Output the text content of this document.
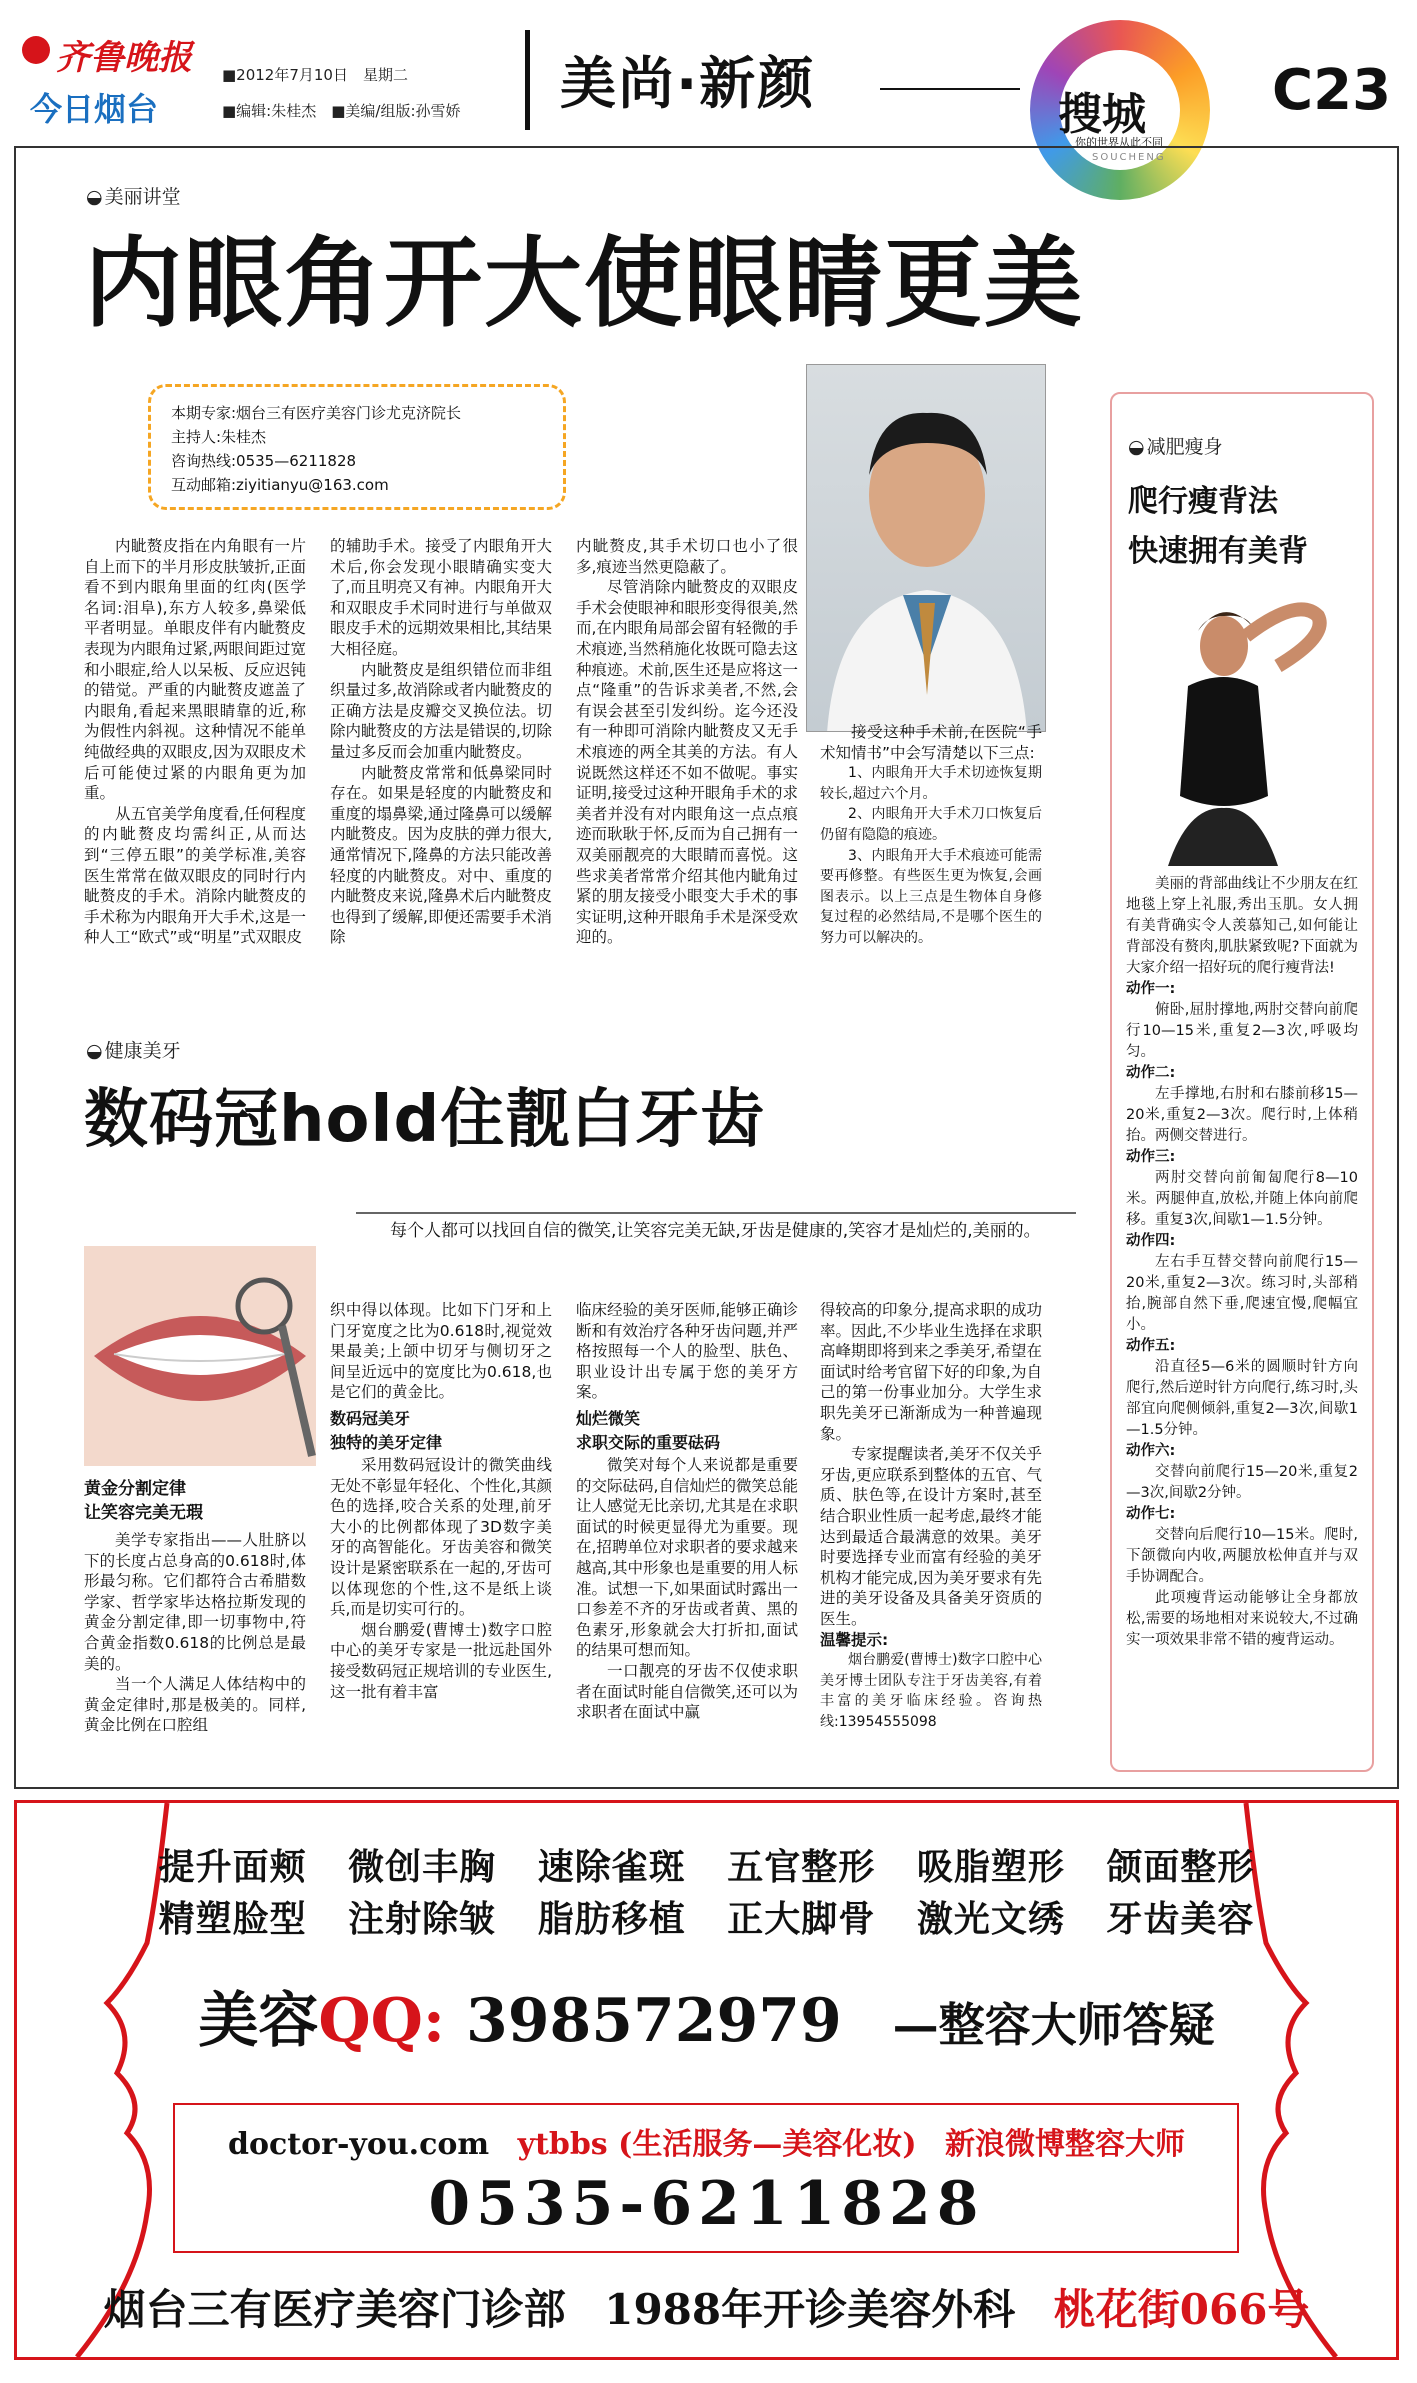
齐鲁晚报
今日烟台
■2012年7月10日　星期二
■编辑:朱桂杰　■美编/组版:孙雪娇 美尚·新颜	搜城
你的世界从此不同
SOUCHENG
C23
◒ 美丽讲堂
内眼角开大使眼睛更美
本期专家:烟台三有医疗美容门诊尤克济院长
主持人:朱桂杰
咨询热线:0535—6211828
互动邮箱:ziyitianyu@163.com

内眦赘皮指在内角眼有一片自上而下的半月形皮肤皱折,正面看不到内眼角里面的红肉(医学名词:泪阜),东方人较多,鼻梁低平者明显。单眼皮伴有内眦赘皮表现为内眼角过紧,两眼间距过宽和小眼症,给人以呆板、反应迟钝的错觉。严重的内眦赘皮遮盖了内眼角,看起来黑眼睛靠的近,称为假性内斜视。这种情况不能单纯做经典的双眼皮,因为双眼皮术后可能使过紧的内眼角更为加重。

从五官美学角度看,任何程度的内眦赘皮均需纠正,从而达到“三停五眼”的美学标准,美容医生常常在做双眼皮的同时行内眦赘皮的手术。消除内眦赘皮的手术称为内眼角开大手术,这是一种人工“欧式”或“明星”式双眼皮

的辅助手术。接受了内眼角开大术后,你会发现小眼睛确实变大了,而且明亮又有神。内眼角开大和双眼皮手术同时进行与单做双眼皮手术的远期效果相比,其结果大相径庭。

内眦赘皮是组织错位而非组织量过多,故消除或者内眦赘皮的正确方法是皮瓣交叉换位法。切除内眦赘皮的方法是错误的,切除量过多反而会加重内眦赘皮。

内眦赘皮常常和低鼻梁同时存在。如果是轻度的内眦赘皮和重度的塌鼻梁,通过隆鼻可以缓解内眦赘皮。因为皮肤的弹力很大,通常情况下,隆鼻的方法只能改善轻度的内眦赘皮。对中、重度的内眦赘皮来说,隆鼻术后内眦赘皮也得到了缓解,即便还需要手术消除

内眦赘皮,其手术切口也小了很多,痕迹当然更隐蔽了。

尽管消除内眦赘皮的双眼皮手术会使眼神和眼形变得很美,然而,在内眼角局部会留有轻微的手术痕迹,当然稍施化妆既可隐去这种痕迹。术前,医生还是应将这一点“隆重”的告诉求美者,不然,会有误会甚至引发纠纷。迄今还没有一种即可消除内眦赘皮又无手术痕迹的两全其美的方法。有人说既然这样还不如不做呢。事实证明,接受过这种开眼角手术的求美者并没有对内眼角这一点点痕迹而耿耿于怀,反而为自己拥有一双美丽靓亮的大眼睛而喜悦。这些求美者常常介绍其他内眦角过紧的朋友接受小眼变大手术的事实证明,这种开眼角手术是深受欢迎的。

接受这种手术前,在医院“手术知情书”中会写清楚以下三点:

1、内眼角开大手术切迹恢复期较长,超过六个月。

2、内眼角开大手术刀口恢复后仍留有隐隐的痕迹。

3、内眼角开大手术痕迹可能需要再修整。有些医生更为恢复,会画图表示。以上三点是生物体自身修复过程的必然结局,不是哪个医生的努力可以解决的。

◒ 减肥瘦身
爬行瘦背法
快速拥有美背

美丽的背部曲线让不少朋友在红地毯上穿上礼服,秀出玉肌。女人拥有美背确实令人羡慕知己,如何能让背部没有赘肉,肌肤紧致呢?下面就为大家介绍一招好玩的爬行瘦背法!

动作一:

俯卧,屈肘撑地,两肘交替向前爬行10—15米,重复2—3次,呼吸均匀。

动作二:

左手撑地,右肘和右膝前移15—20米,重复2—3次。爬行时,上体稍抬。两侧交替进行。

动作三:

两肘交替向前匍匐爬行8—10米。两腿伸直,放松,并随上体向前爬移。重复3次,间歇1—1.5分钟。

动作四:

左右手互替交替向前爬行15—20米,重复2—3次。练习时,头部稍抬,腕部自然下垂,爬速宜慢,爬幅宜小。

动作五:

沿直径5—6米的圆顺时针方向爬行,然后逆时针方向爬行,练习时,头部宜向爬侧倾斜,重复2—3次,间歇1—1.5分钟。

动作六:

交替向前爬行15—20米,重复2—3次,间歇2分钟。

动作七:

交替向后爬行10—15米。爬时,下颌微向内收,两腿放松伸直并与双手协调配合。

此项瘦背运动能够让全身都放松,需要的场地相对来说较大,不过确实一项效果非常不错的瘦背运动。

◒ 健康美牙
数码冠hold住靓白牙齿
每个人都可以找回自信的微笑,让笑容完美无缺,牙齿是健康的,笑容才是灿烂的,美丽的。
黄金分割定律
让笑容完美无瑕

美学专家指出——人肚脐以下的长度占总身高的0.618时,体形最匀称。它们都符合古希腊数学家、哲学家毕达格拉斯发现的黄金分割定律,即一切事物中,符合黄金指数0.618的比例总是最美的。

当一个人满足人体结构中的黄金定律时,那是极美的。同样,黄金比例在口腔组

织中得以体现。比如下门牙和上门牙宽度之比为0.618时,视觉效果最美;上颌中切牙与侧切牙之间呈近远中的宽度比为0.618,也是它们的黄金比。

数码冠美牙
独特的美牙定律

采用数码冠设计的微笑曲线无处不彰显年轻化、个性化,其颜色的选择,咬合关系的处理,前牙大小的比例都体现了3D数字美牙的高智能化。牙齿美容和微笑设计是紧密联系在一起的,牙齿可以体现您的个性,这不是纸上谈兵,而是切实可行的。

烟台鹏爱(曹博士)数字口腔中心的美牙专家是一批远赴国外接受数码冠正规培训的专业医生,这一批有着丰富

临床经验的美牙医师,能够正确诊断和有效治疗各种牙齿问题,并严格按照每一个人的脸型、肤色、职业设计出专属于您的美牙方案。

灿烂微笑
求职交际的重要砝码

微笑对每个人来说都是重要的交际砝码,自信灿烂的微笑总能让人感觉无比亲切,尤其是在求职面试的时候更显得尤为重要。现在,招聘单位对求职者的要求越来越高,其中形象也是重要的用人标准。试想一下,如果面试时露出一口参差不齐的牙齿或者黄、黑的色素牙,形象就会大打折扣,面试的结果可想而知。

一口靓亮的牙齿不仅使求职者在面试时能自信微笑,还可以为求职者在面试中赢

得较高的印象分,提高求职的成功率。因此,不少毕业生选择在求职高峰期即将到来之季美牙,希望在面试时给考官留下好的印象,为自己的第一份事业加分。大学生求职先美牙已渐渐成为一种普遍现象。

专家提醒读者,美牙不仅关乎牙齿,更应联系到整体的五官、气质、肤色等,在设计方案时,甚至结合职业性质一起考虑,最终才能达到最适合最满意的效果。美牙时要选择专业而富有经验的美牙机构才能完成,因为美牙要求有先进的美牙设备及具备美牙资质的医生。

温馨提示:

烟台鹏爱(曹博士)数字口腔中心美牙博士团队专注于牙齿美容,有着丰富的美牙临床经验。咨询热线:13954555098

提升面颊 微创丰胸 速除雀斑 五官整形 吸脂塑形 颌面整形
精塑脸型 注射除皱 脂肪移植 正大脚骨 激光文绣 牙齿美容
美容QQ: 398572979 —整容大师答疑
doctor-you.com ytbbs (生活服务—美容化妆) 新浪微博整容大师
0535-6211828
烟台三有医疗美容门诊部 1988年开诊美容外科 桃花街066号
